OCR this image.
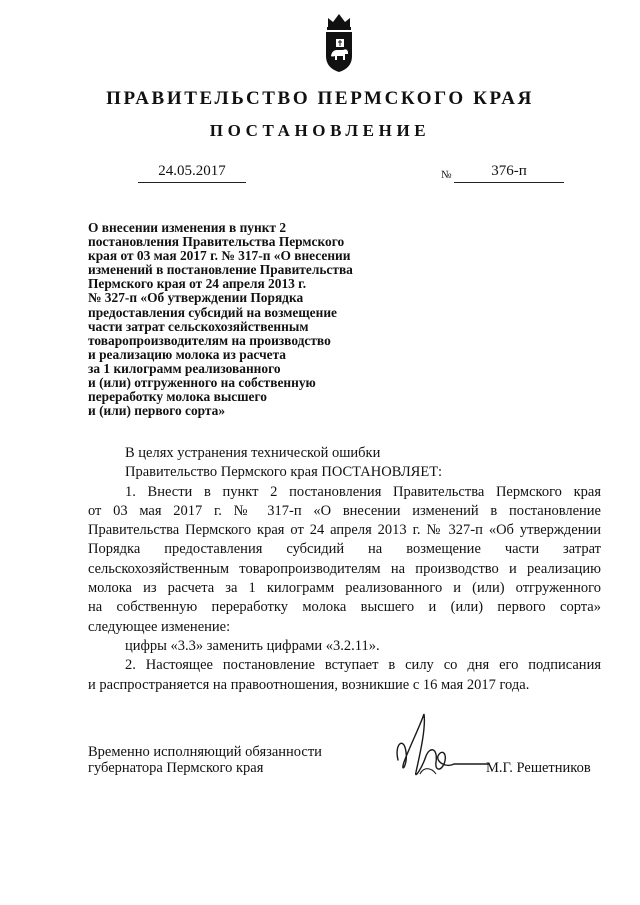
ПРАВИТЕЛЬСТВО ПЕРМСКОГО КРАЯ
ПОСТАНОВЛЕНИЕ
24.05.2017	№	376-п
О внесении изменения в пункт 2
постановления Правительства Пермского
края от 03 мая 2017 г. № 317-п «О внесении
изменений в постановление Правительства
Пермского края от 24 апреля 2013 г.
№ 327-п «Об утверждении Порядка
предоставления субсидий на возмещение
части затрат сельскохозяйственным
товаропроизводителям на производство
и реализацию молока из расчета
за 1 килограмм реализованного
и (или) отгруженного на собственную
переработку молока высшего
и (или) первого сорта»
В целях устранения технической ошибки
Правительство Пермского края ПОСТАНОВЛЯЕТ:
1. Внести в пункт 2 постановления Правительства Пермского края
от 03 мая 2017 г. № 317-п «О внесении изменений в постановление
Правительства Пермского края от 24 апреля 2013 г. № 327-п «Об утверждении
Порядка предоставления субсидий на возмещение части затрат
сельскохозяйственным товаропроизводителям на производство и реализацию
молока из расчета за 1 килограмм реализованного и (или) отгруженного
на собственную переработку молока высшего и (или) первого сорта»
следующее изменение:
цифры «3.3» заменить цифрами «3.2.11».
2. Настоящее постановление вступает в силу со дня его подписания
и распространяется на правоотношения, возникшие с 16 мая 2017 года.
Временно исполняющий обязанности
губернатора Пермского края	М.Г. Решетников
